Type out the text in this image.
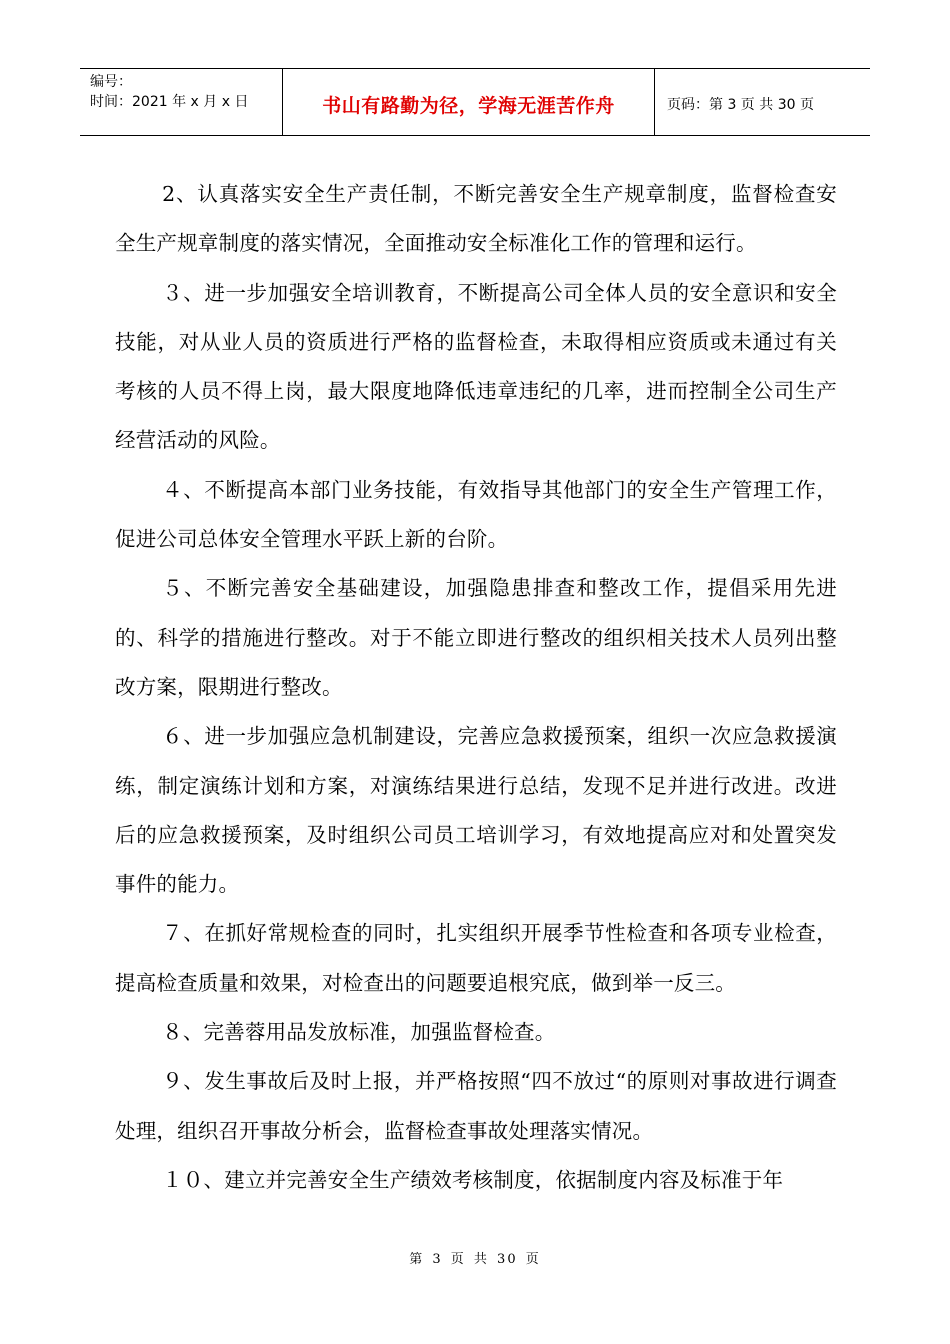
编号：
时间：2021 年 x 月 x 日	书山有路勤为径，学海无涯苦作舟	页码：第 3 页 共 30 页

2、认真落实安全生产责任制，不断完善安全生产规章制度，监督检查安全生产规章制度的落实情况，全面推动安全标准化工作的管理和运行。

３、进一步加强安全培训教育，不断提高公司全体人员的安全意识和安全技能，对从业人员的资质进行严格的监督检查，未取得相应资质或未通过有关考核的人员不得上岗，最大限度地降低违章违纪的几率，进而控制全公司生产经营活动的风险。

４、不断提高本部门业务技能，有效指导其他部门的安全生产管理工作，促进公司总体安全管理水平跃上新的台阶。

５、不断完善安全基础建设，加强隐患排查和整改工作，提倡采用先进的、科学的措施进行整改。对于不能立即进行整改的组织相关技术人员列出整改方案，限期进行整改。

６、进一步加强应急机制建设，完善应急救援预案，组织一次应急救援演练，制定演练计划和方案，对演练结果进行总结，发现不足并进行改进。改进后的应急救援预案，及时组织公司员工培训学习，有效地提高应对和处置突发事件的能力。

７、在抓好常规检查的同时，扎实组织开展季节性检查和各项专业检查，提高检查质量和效果，对检查出的问题要追根究底，做到举一反三。

８、完善蓉用品发放标准，加强监督检查。

９、发生事故后及时上报，并严格按照“四不放过“的原则对事故进行调查处理，组织召开事故分析会，监督检查事故处理落实情况。

１０、建立并完善安全生产绩效考核制度，依据制度内容及标准于年

第 3 页 共 30 页
